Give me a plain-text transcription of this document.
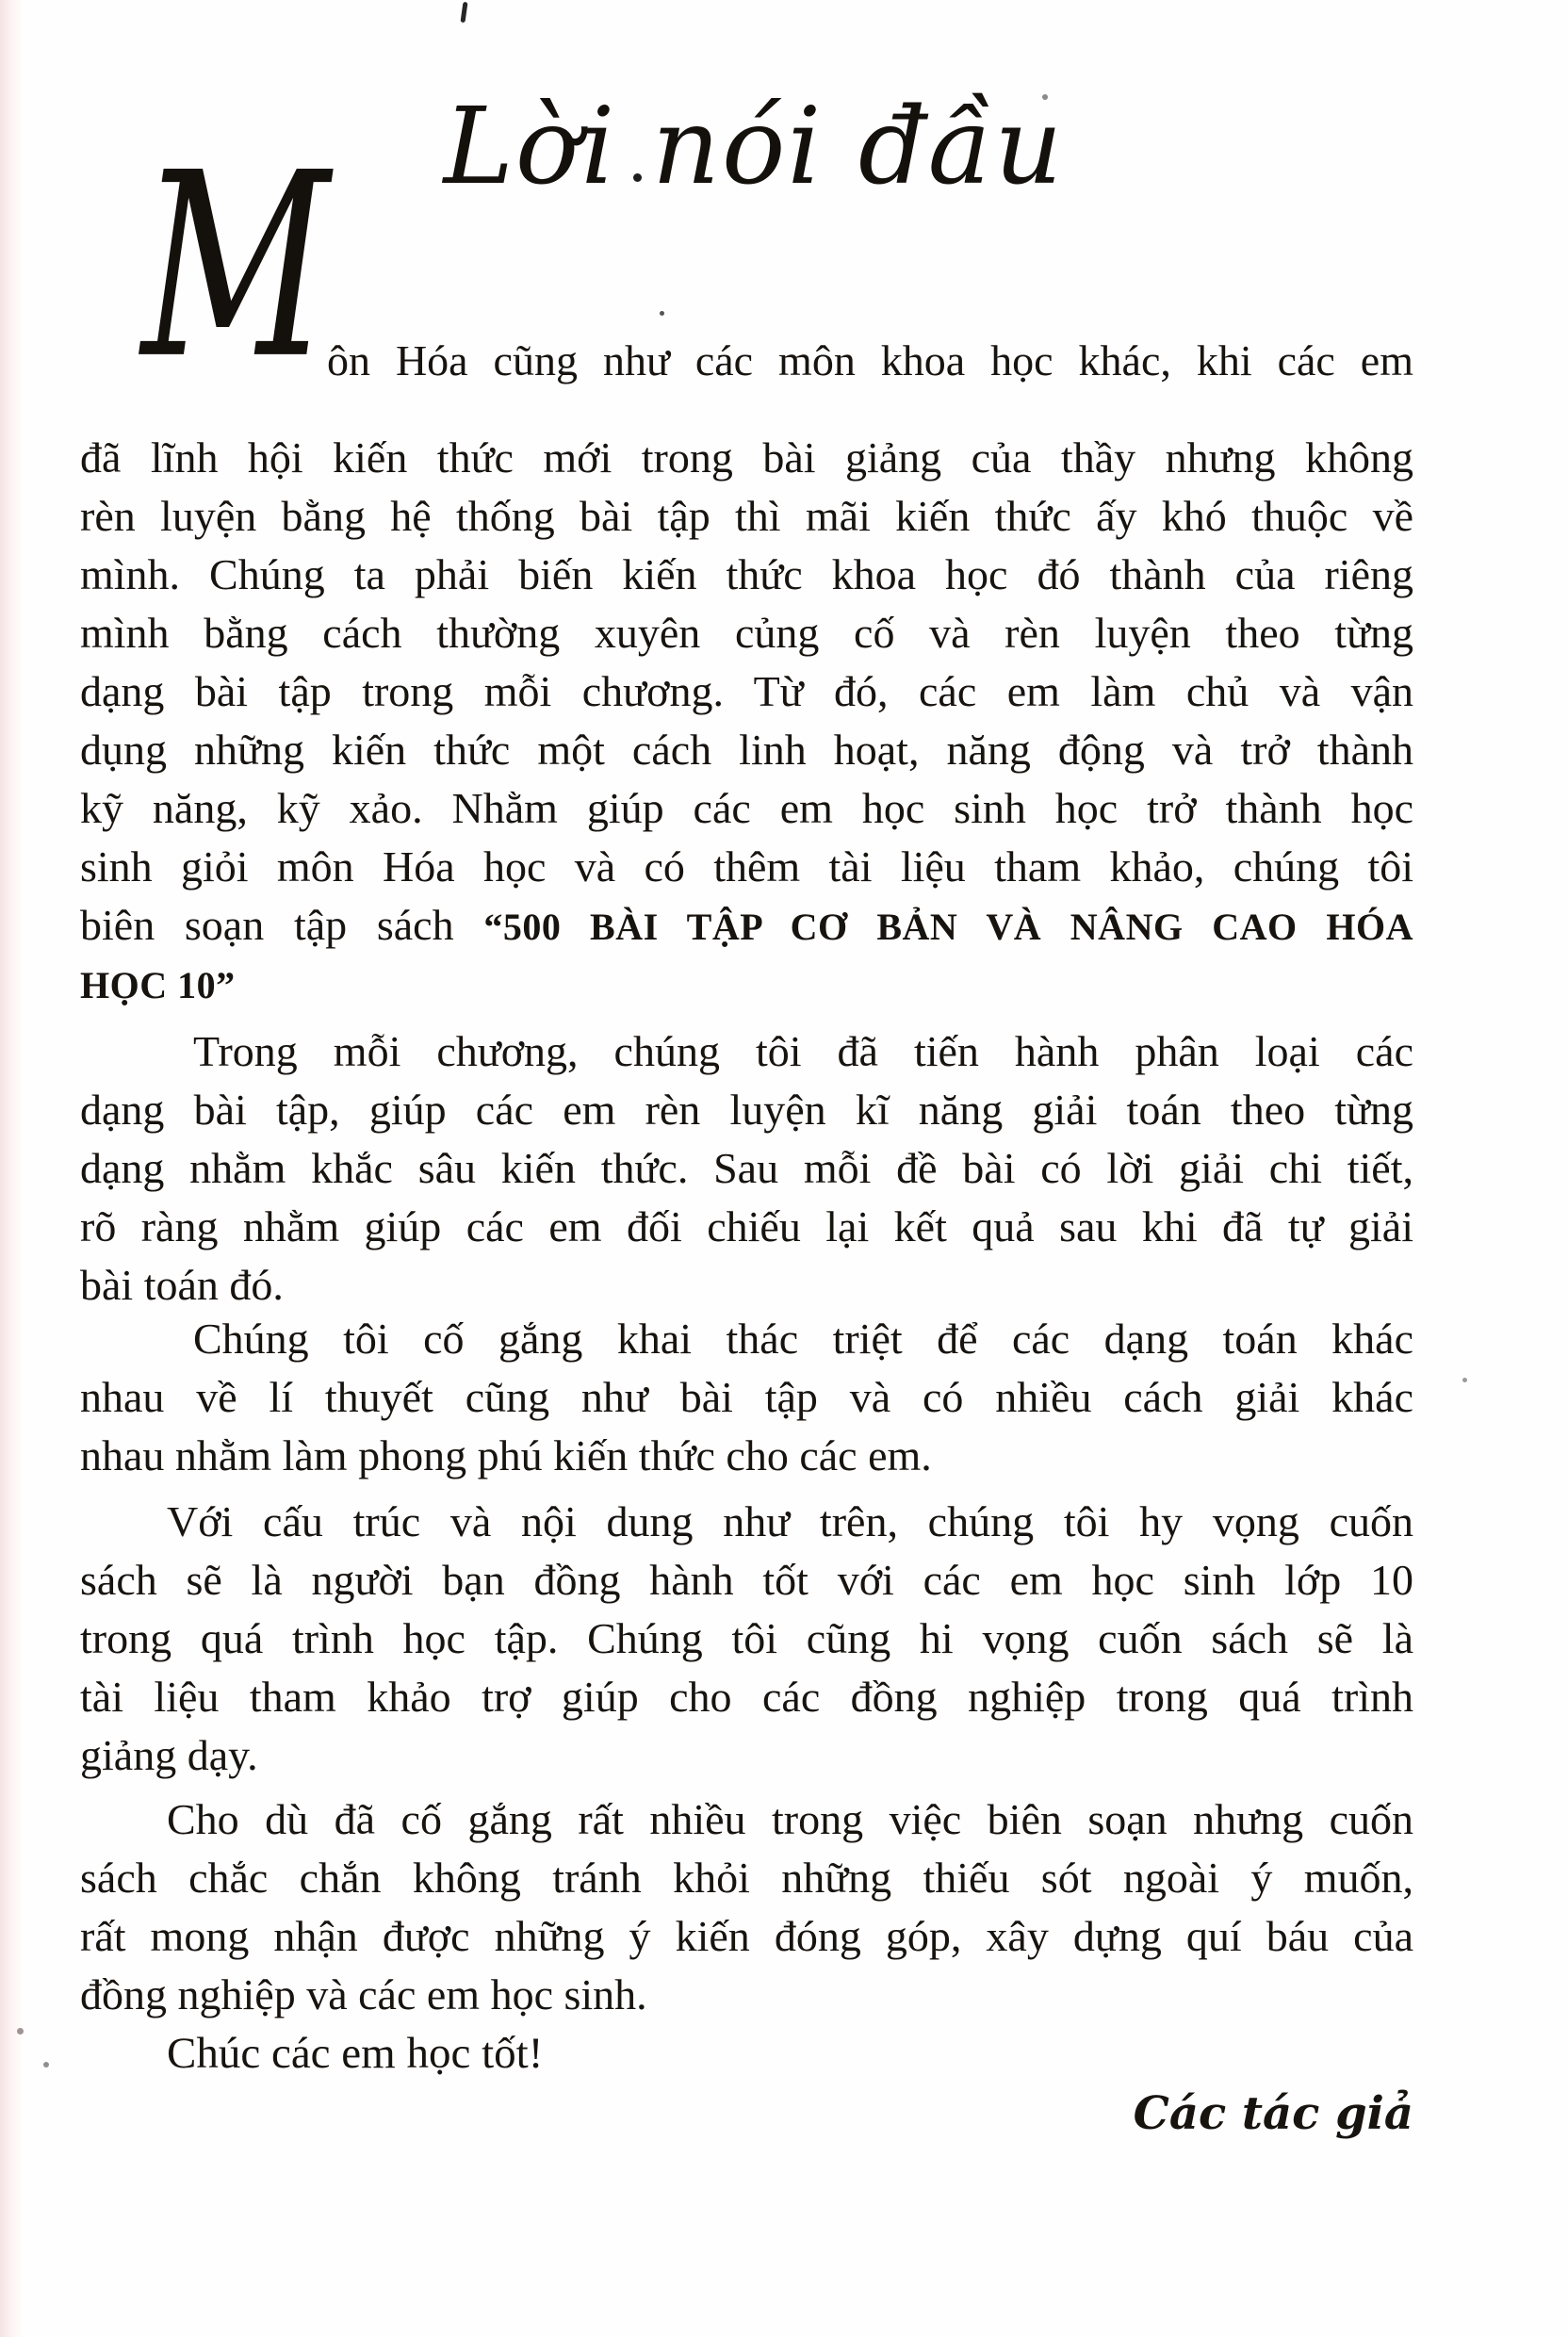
Lời nói đầu
M
ôn Hóa cũng như các môn khoa học khác, khi các em
đã lĩnh hội kiến thức mới trong bài giảng của thầy nhưng không
rèn luyện bằng hệ thống bài tập thì mãi kiến thức ấy khó thuộc về
mình. Chúng ta phải biến kiến thức khoa học đó thành của riêng
mình bằng cách thường xuyên củng cố và rèn luyện theo từng
dạng bài tập trong mỗi chương. Từ đó, các em làm chủ và vận
dụng những kiến thức một cách linh hoạt, năng động và trở thành
kỹ năng, kỹ xảo. Nhằm giúp các em học sinh học trở thành học
sinh giỏi môn Hóa học và có thêm tài liệu tham khảo, chúng tôi
biên soạn tập sách “500 BÀI TẬP CƠ BẢN VÀ NÂNG CAO HÓA
HỌC 10”
Trong mỗi chương, chúng tôi đã tiến hành phân loại các
dạng bài tập, giúp các em rèn luyện kĩ năng giải toán theo từng
dạng nhằm khắc sâu kiến thức. Sau mỗi đề bài có lời giải chi tiết,
rõ ràng nhằm giúp các em đối chiếu lại kết quả sau khi đã tự giải
bài toán đó.
Chúng tôi cố gắng khai thác triệt để các dạng toán khác
nhau về lí thuyết cũng như bài tập và có nhiều cách giải khác
nhau nhằm làm phong phú kiến thức cho các em.
Với cấu trúc và nội dung như trên, chúng tôi hy vọng cuốn
sách sẽ là người bạn đồng hành tốt với các em học sinh lớp 10
trong quá trình học tập. Chúng tôi cũng hi vọng cuốn sách sẽ là
tài liệu tham khảo trợ giúp cho các đồng nghiệp trong quá trình
giảng dạy.
Cho dù đã cố gắng rất nhiều trong việc biên soạn nhưng cuốn
sách chắc chắn không tránh khỏi những thiếu sót ngoài ý muốn,
rất mong nhận được những ý kiến đóng góp, xây dựng quí báu của
đồng nghiệp và các em học sinh.
Chúc các em học tốt!
Các tác giả
